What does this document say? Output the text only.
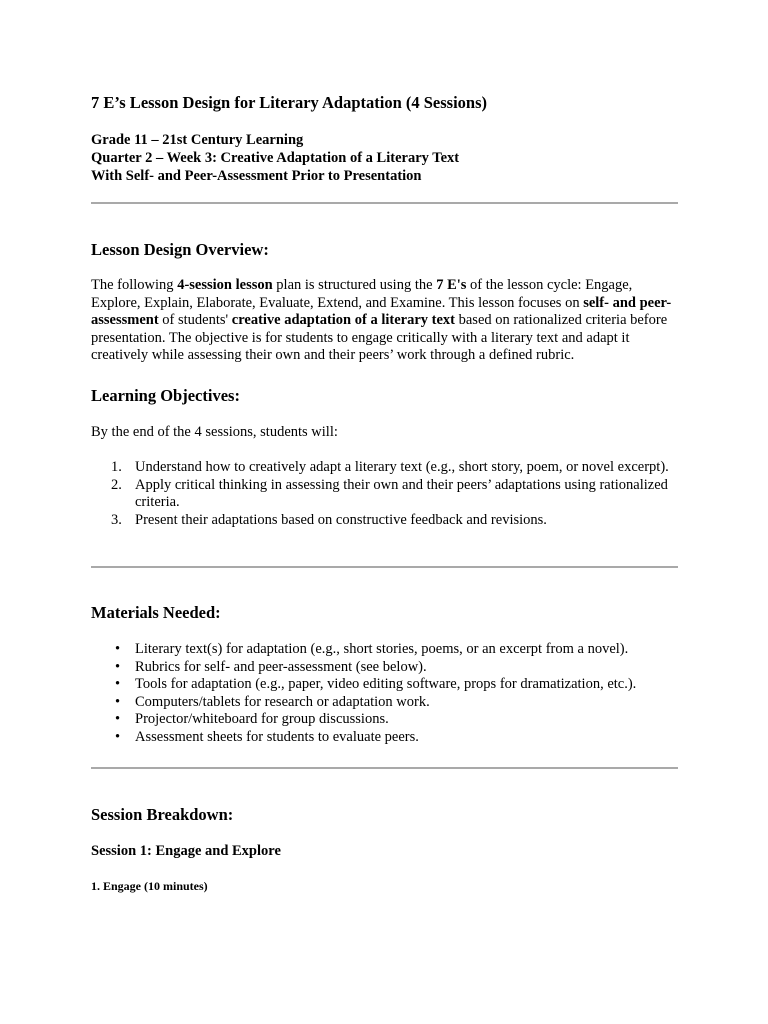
7 E’s Lesson Design for Literary Adaptation (4 Sessions)

Grade 11 – 21st Century Learning

Quarter 2 – Week 3: Creative Adaptation of a Literary Text

With Self- and Peer-Assessment Prior to Presentation

Lesson Design Overview:

The following 4-session lesson plan is structured using the 7 E's of the lesson cycle: Engage, Explore, Explain, Elaborate, Evaluate, Extend, and Examine. This lesson focuses on self- and peer-assessment of students' creative adaptation of a literary text based on rationalized criteria before presentation. The objective is for students to engage critically with a literary text and adapt it creatively while assessing their own and their peers’ work through a defined rubric.

Learning Objectives:

By the end of the 4 sessions, students will:

1. Understand how to creatively adapt a literary text (e.g., short story, poem, or novel excerpt).
2. Apply critical thinking in assessing their own and their peers’ adaptations using rationalized criteria.
3. Present their adaptations based on constructive feedback and revisions.
Materials Needed:
• Literary text(s) for adaptation (e.g., short stories, poems, or an excerpt from a novel).
• Rubrics for self- and peer-assessment (see below).
• Tools for adaptation (e.g., paper, video editing software, props for dramatization, etc.).
• Computers/tablets for research or adaptation work.
• Projector/whiteboard for group discussions.
• Assessment sheets for students to evaluate peers.
Session Breakdown:
Session 1: Engage and Explore
1. Engage (10 minutes)
